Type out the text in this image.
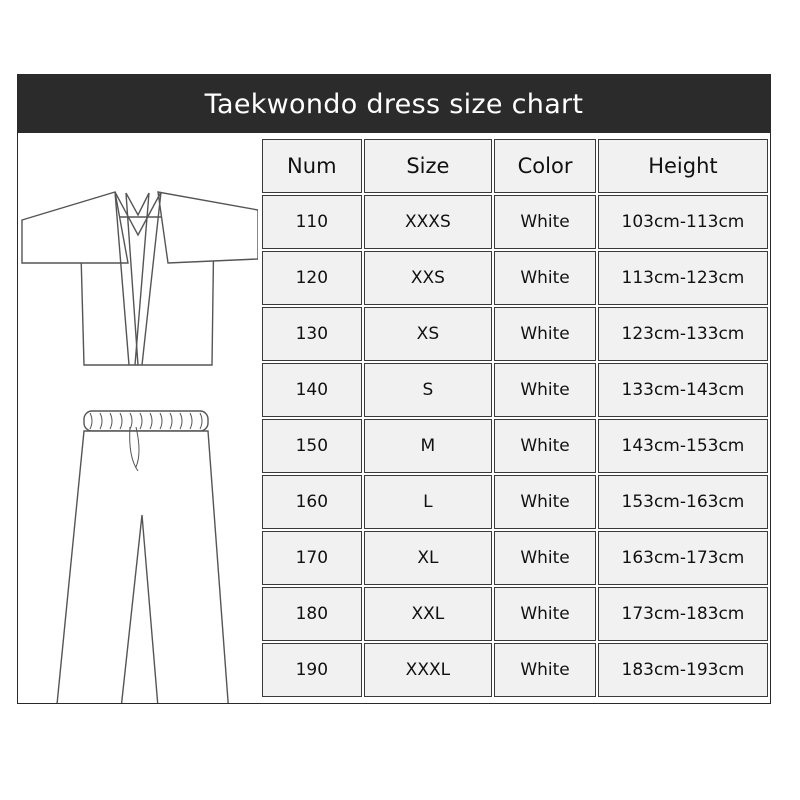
Taekwondo dress size chart
Num	Size	Color	Height
110	XXXS	White	103cm-113cm
120	XXS	White	113cm-123cm
130	XS	White	123cm-133cm
140	S	White	133cm-143cm
150	M	White	143cm-153cm
160	L	White	153cm-163cm
170	XL	White	163cm-173cm
180	XXL	White	173cm-183cm
190	XXXL	White	183cm-193cm
